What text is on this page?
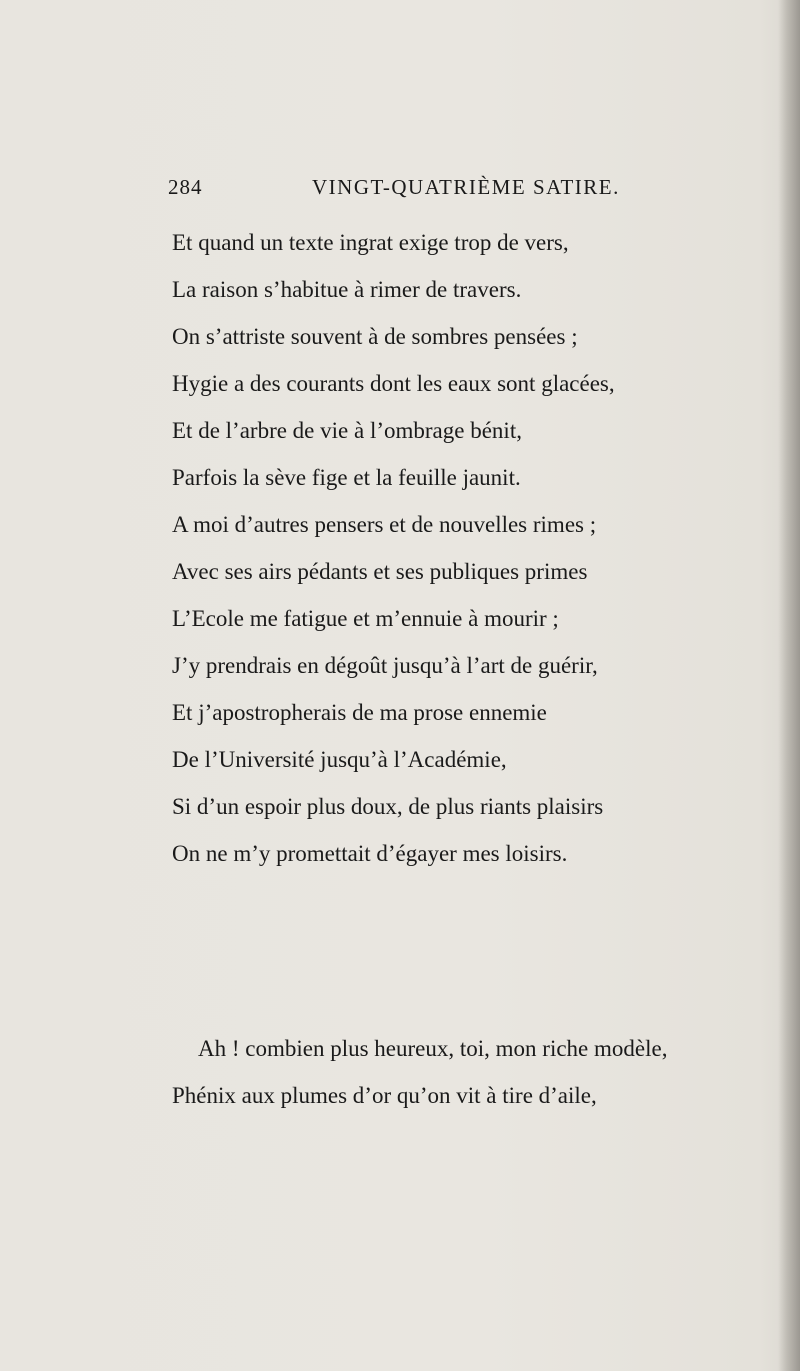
284	VINGT-QUATRIÈME SATIRE.
Et quand un texte ingrat exige trop de vers,
La raison s’habitue à rimer de travers.
On s’attriste souvent à de sombres pensées ;
Hygie a des courants dont les eaux sont glacées,
Et de l’arbre de vie à l’ombrage bénit,
Parfois la sève fige et la feuille jaunit.
A moi d’autres pensers et de nouvelles rimes ;
Avec ses airs pédants et ses publiques primes
L’Ecole me fatigue et m’ennuie à mourir ;
J’y prendrais en dégoût jusqu’à l’art de guérir,
Et j’apostropherais de ma prose ennemie
De l’Université jusqu’à l’Académie,
Si d’un espoir plus doux, de plus riants plaisirs
On ne m’y promettait d’égayer mes loisirs.
Ah ! combien plus heureux, toi, mon riche modèle,
Phénix aux plumes d’or qu’on vit à tire d’aile,
